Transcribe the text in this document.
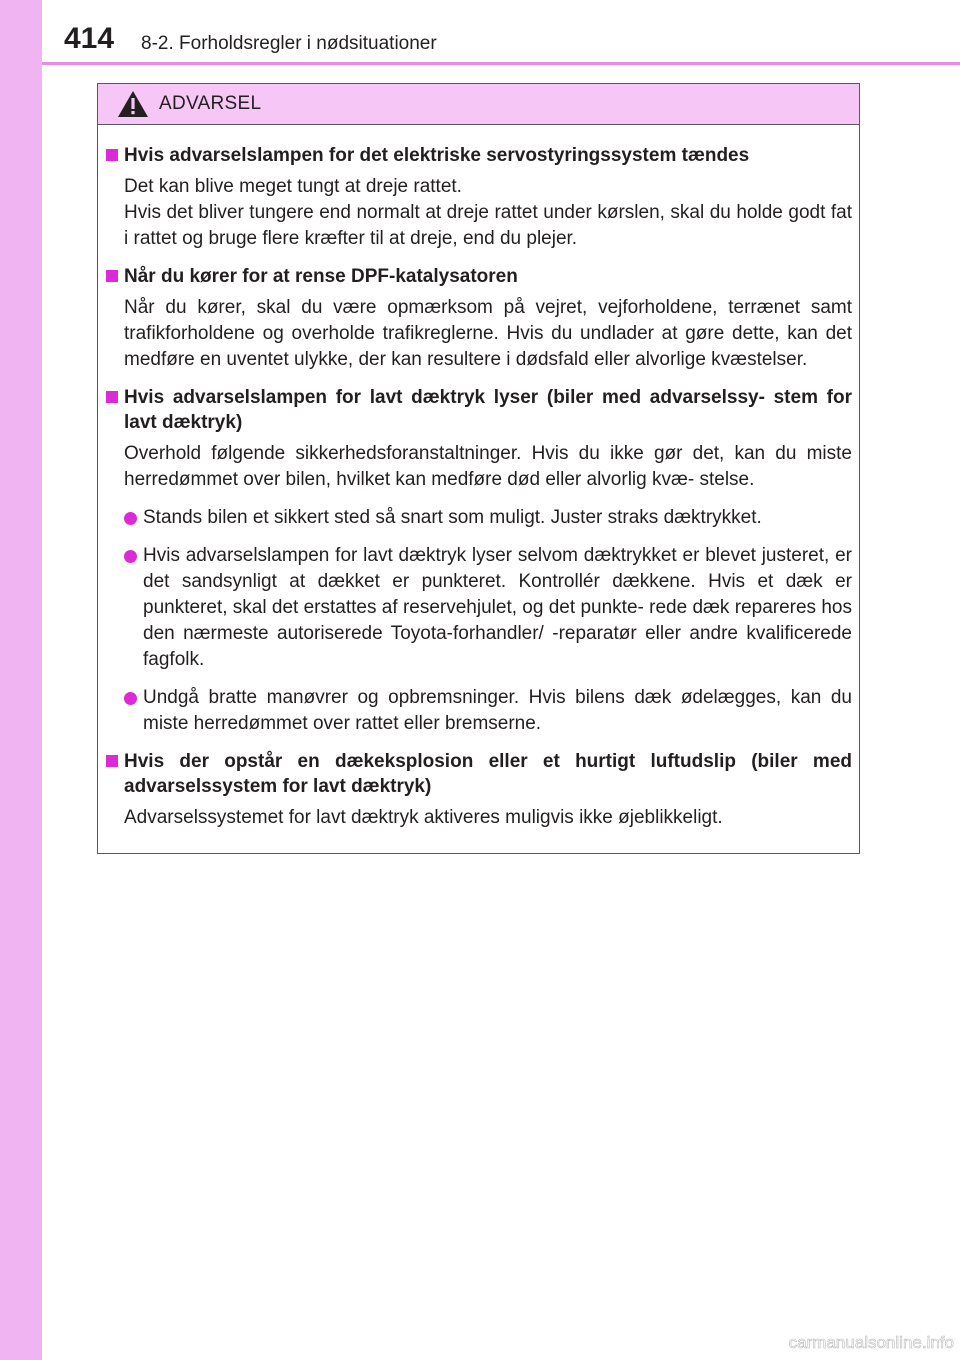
414 8-2. Forholdsregler i nødsituationer
ADVARSEL
Hvis advarselslampen for det elektriske servostyringssystem tændes
Det kan blive meget tungt at dreje rattet.
Hvis det bliver tungere end normalt at dreje rattet under kørslen, skal du holde godt fat i rattet og bruge flere kræfter til at dreje, end du plejer.
Når du kører for at rense DPF-katalysatoren
Når du kører, skal du være opmærksom på vejret, vejforholdene, terrænet samt trafikforholdene og overholde trafikreglerne. Hvis du undlader at gøre dette, kan det medføre en uventet ulykke, der kan resultere i dødsfald eller alvorlige kvæstelser.
Hvis advarselslampen for lavt dæktryk lyser (biler med advarselssy- stem for lavt dæktryk)
Overhold følgende sikkerhedsforanstaltninger. Hvis du ikke gør det, kan du miste herredømmet over bilen, hvilket kan medføre død eller alvorlig kvæ- stelse.
Stands bilen et sikkert sted så snart som muligt. Juster straks dæktrykket.
Hvis advarselslampen for lavt dæktryk lyser selvom dæktrykket er blevet justeret, er det sandsynligt at dækket er punkteret. Kontrollér dækkene. Hvis et dæk er punkteret, skal det erstattes af reservehjulet, og det punkte- rede dæk repareres hos den nærmeste autoriserede Toyota-forhandler/ -reparatør eller andre kvalificerede fagfolk.
Undgå bratte manøvrer og opbremsninger. Hvis bilens dæk ødelægges, kan du miste herredømmet over rattet eller bremserne.
Hvis der opstår en dækeksplosion eller et hurtigt luftudslip (biler med advarselssystem for lavt dæktryk)
Advarselssystemet for lavt dæktryk aktiveres muligvis ikke øjeblikkeligt.
carmanualsonline.info
